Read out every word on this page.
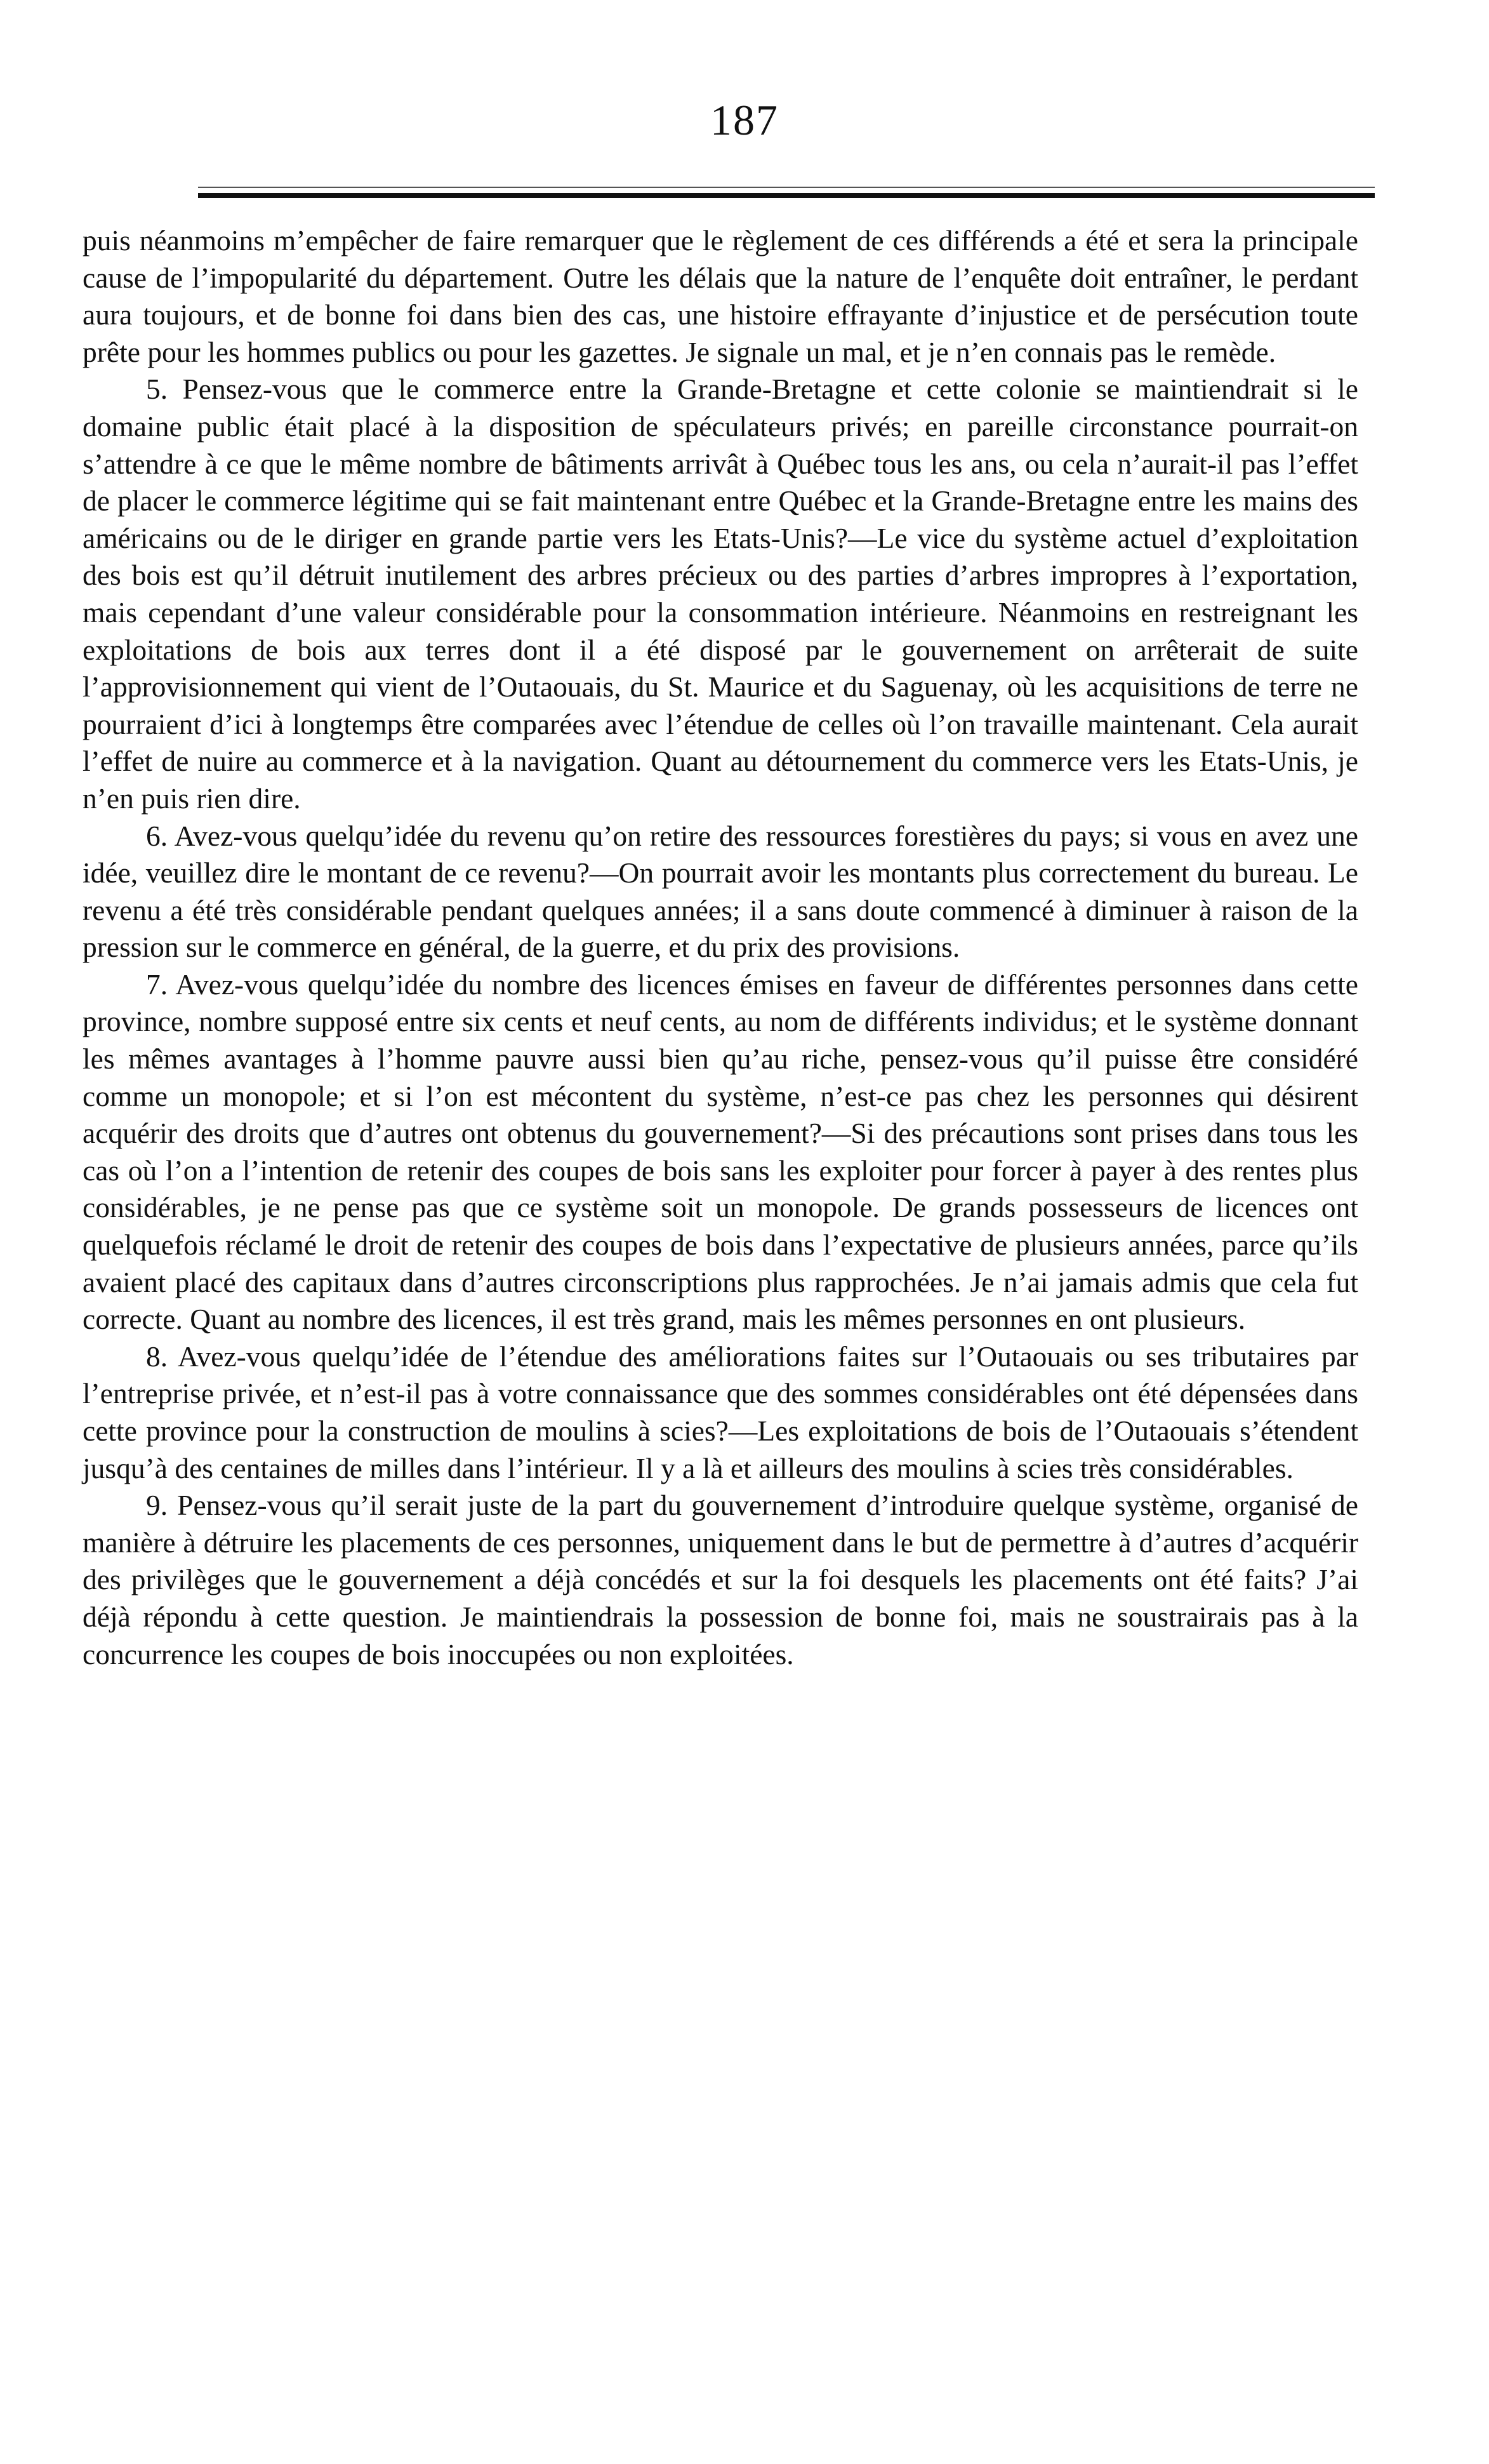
187

puis néanmoins m’empêcher de faire remarquer que le règlement de ces différends a été et sera la principale cause de l’impopularité du département. Outre les délais que la nature de l’enquête doit entraîner, le perdant aura toujours, et de bonne foi dans bien des cas, une histoire effrayante d’injustice et de persécution toute prête pour les hommes publics ou pour les gazettes. Je signale un mal, et je n’en connais pas le remède.

5. Pensez-vous que le commerce entre la Grande-Bretagne et cette colonie se maintiendrait si le domaine public était placé à la disposition de spéculateurs privés; en pareille circonstance pourrait-on s’attendre à ce que le même nombre de bâtiments arrivât à Québec tous les ans, ou cela n’aurait-il pas l’effet de placer le commerce légitime qui se fait maintenant entre Québec et la Grande-Bretagne entre les mains des américains ou de le diriger en grande partie vers les Etats-Unis?—Le vice du système actuel d’exploitation des bois est qu’il détruit inutilement des arbres précieux ou des parties d’arbres impropres à l’exportation, mais cependant d’une valeur considérable pour la consommation intérieure. Néanmoins en restreignant les exploitations de bois aux terres dont il a été disposé par le gouvernement on arrêterait de suite l’approvisionnement qui vient de l’Outaouais, du St. Maurice et du Saguenay, où les acquisitions de terre ne pourraient d’ici à longtemps être comparées avec l’étendue de celles où l’on travaille maintenant. Cela aurait l’effet de nuire au commerce et à la navigation. Quant au détournement du commerce vers les Etats-Unis, je n’en puis rien dire.

6. Avez-vous quelqu’idée du revenu qu’on retire des ressources forestières du pays; si vous en avez une idée, veuillez dire le montant de ce revenu?—On pourrait avoir les montants plus correctement du bureau. Le revenu a été très considérable pendant quelques années; il a sans doute commencé à diminuer à raison de la pression sur le commerce en général, de la guerre, et du prix des provisions.

7. Avez-vous quelqu’idée du nombre des licences émises en faveur de différentes personnes dans cette province, nombre supposé entre six cents et neuf cents, au nom de différents individus; et le système donnant les mêmes avantages à l’homme pauvre aussi bien qu’au riche, pensez-vous qu’il puisse être considéré comme un monopole; et si l’on est mécontent du système, n’est-ce pas chez les personnes qui désirent acquérir des droits que d’autres ont obtenus du gouvernement?—Si des précautions sont prises dans tous les cas où l’on a l’intention de retenir des coupes de bois sans les exploiter pour forcer à payer à des rentes plus considérables, je ne pense pas que ce système soit un monopole. De grands possesseurs de licences ont quelquefois réclamé le droit de retenir des coupes de bois dans l’expectative de plusieurs années, parce qu’ils avaient placé des capitaux dans d’autres circonscriptions plus rapprochées. Je n’ai jamais admis que cela fut correcte. Quant au nombre des licences, il est très grand, mais les mêmes personnes en ont plusieurs.

8. Avez-vous quelqu’idée de l’étendue des améliorations faites sur l’Outaouais ou ses tributaires par l’entreprise privée, et n’est-il pas à votre connaissance que des sommes considérables ont été dépensées dans cette province pour la construction de moulins à scies?—Les exploitations de bois de l’Outaouais s’étendent jusqu’à des centaines de milles dans l’intérieur. Il y a là et ailleurs des moulins à scies très considérables.

9. Pensez-vous qu’il serait juste de la part du gouvernement d’introduire quelque système, organisé de manière à détruire les placements de ces personnes, uniquement dans le but de permettre à d’autres d’acquérir des privilèges que le gouvernement a déjà concédés et sur la foi desquels les placements ont été faits? J’ai déjà répondu à cette question. Je maintiendrais la possession de bonne foi, mais ne soustrairais pas à la concurrence les coupes de bois inoccupées ou non exploitées.
